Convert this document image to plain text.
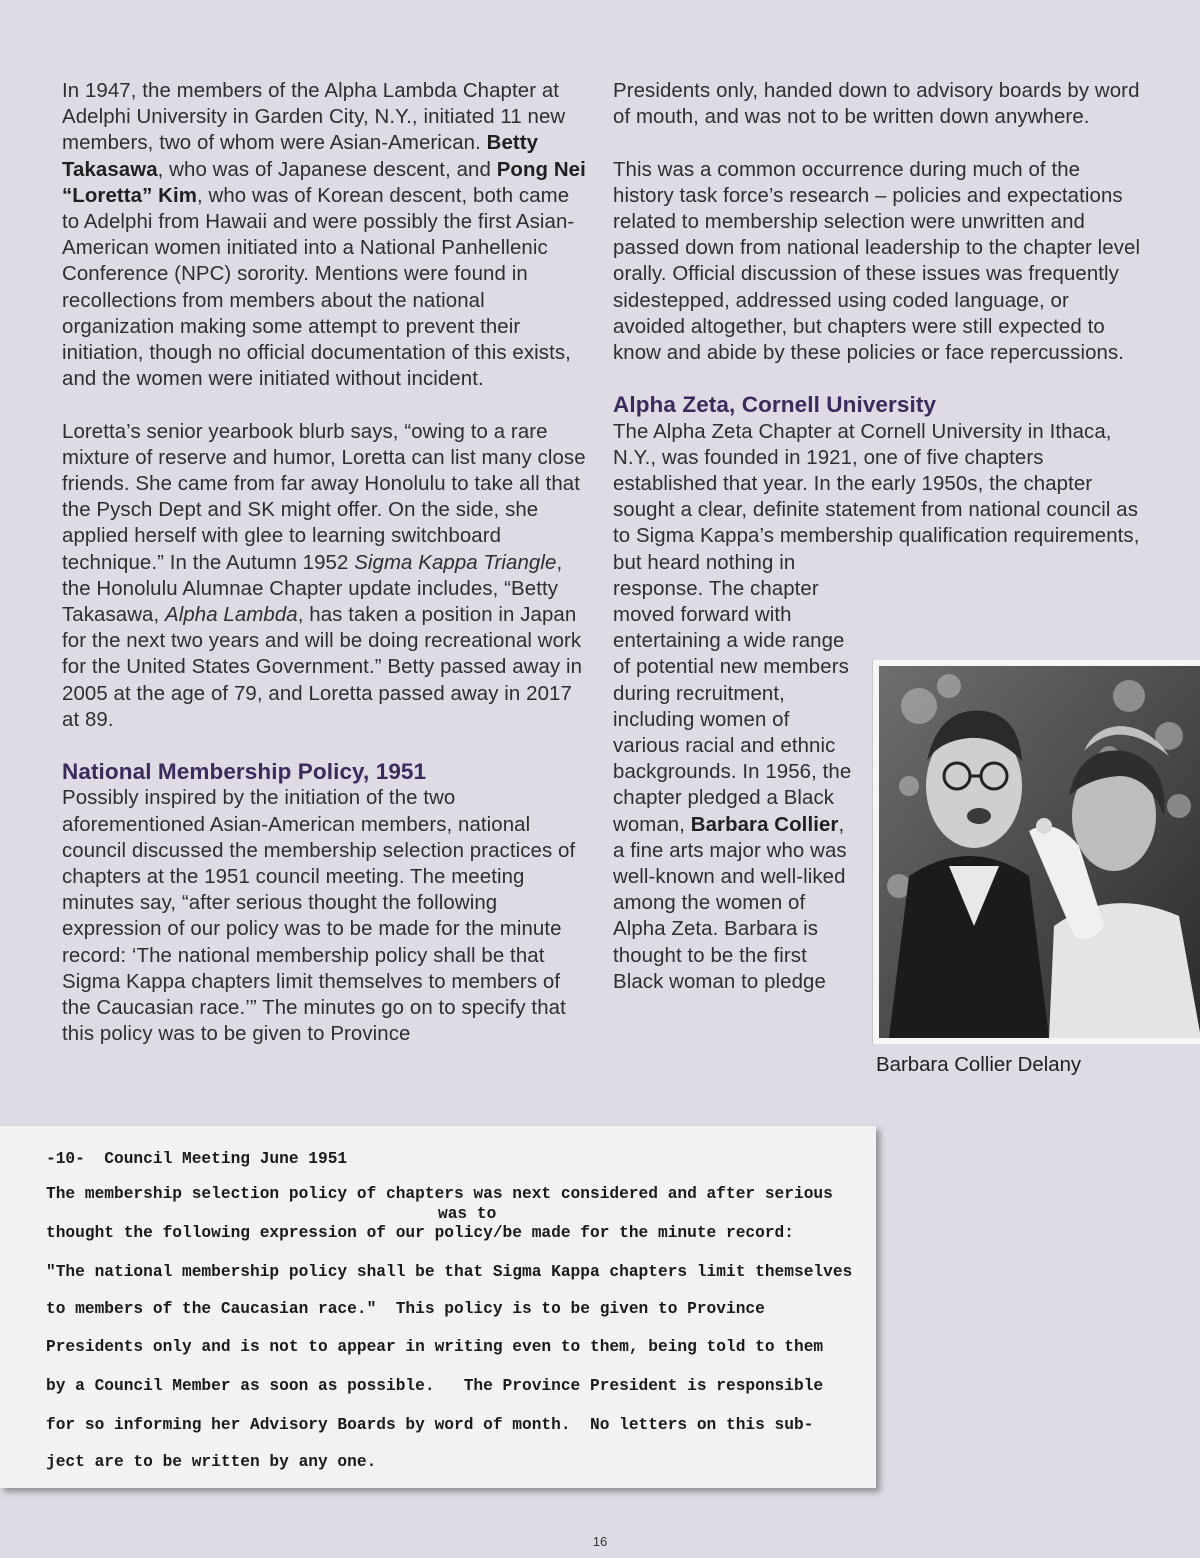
In 1947, the members of the Alpha Lambda Chapter at Adelphi University in Garden City, N.Y., initiated 11 new members, two of whom were Asian-American. Betty Takasawa, who was of Japanese descent, and Pong Nei “Loretta” Kim, who was of Korean descent, both came to Adelphi from Hawaii and were possibly the first Asian-American women initiated into a National Panhellenic Conference (NPC) sorority. Mentions were found in recollections from members about the national organization making some attempt to prevent their initiation, though no official documentation of this exists, and the women were initiated without incident.

Loretta’s senior yearbook blurb says, “owing to a rare mixture of reserve and humor, Loretta can list many close friends. She came from far away Honolulu to take all that the Pysch Dept and SK might offer. On the side, she applied herself with glee to learning switchboard technique.” In the Autumn 1952 Sigma Kappa Triangle, the Honolulu Alumnae Chapter update includes, “Betty Takasawa, Alpha Lambda, has taken a position in Japan for the next two years and will be doing recreational work for the United States Government.” Betty passed away in 2005 at the age of 79, and Loretta passed away in 2017 at 89.

National Membership Policy, 1951

Possibly inspired by the initiation of the two aforementioned Asian-American members, national council discussed the membership selection practices of chapters at the 1951 council meeting. The meeting minutes say, “after serious thought the following expression of our policy was to be made for the minute record: ‘The national membership policy shall be that Sigma Kappa chapters limit themselves to members of the Caucasian race.’” The minutes go on to specify that this policy was to be given to Province

Presidents only, handed down to advisory boards by word of mouth, and was not to be written down anywhere.

This was a common occurrence during much of the history task force’s research – policies and expectations related to membership selection were unwritten and passed down from national leadership to the chapter level orally. Official discussion of these issues was frequently sidestepped, addressed using coded language, or avoided altogether, but chapters were still expected to know and abide by these policies or face repercussions.

Alpha Zeta, Cornell University

The Alpha Zeta Chapter at Cornell University in Ithaca, N.Y., was founded in 1921, one of five chapters established that year. In the early 1950s, the chapter sought a clear, definite statement from national council as to Sigma Kappa’s membership qualification requirements, but heard nothing in

response. The chapter moved forward with entertaining a wide range of potential new members during recruitment, including women of various racial and ethnic backgrounds. In 1956, the chapter pledged a Black woman, Barbara Collier, a fine arts major who was well-known and well-liked among the women of Alpha Zeta. Barbara is thought to be the first Black woman to pledge

Barbara Collier Delany
-10-  Council Meeting June 1951
The membership selection policy of chapters was next considered and after serious
was to
thought the following expression of our policy/be made for the minute record:
"The national membership policy shall be that Sigma Kappa chapters limit themselves
to members of the Caucasian race."  This policy is to be given to Province
Presidents only and is not to appear in writing even to them, being told to them
by a Council Member as soon as possible.   The Province President is responsible
for so informing her Advisory Boards by word of month.  No letters on this sub-
ject are to be written by any one.
16
